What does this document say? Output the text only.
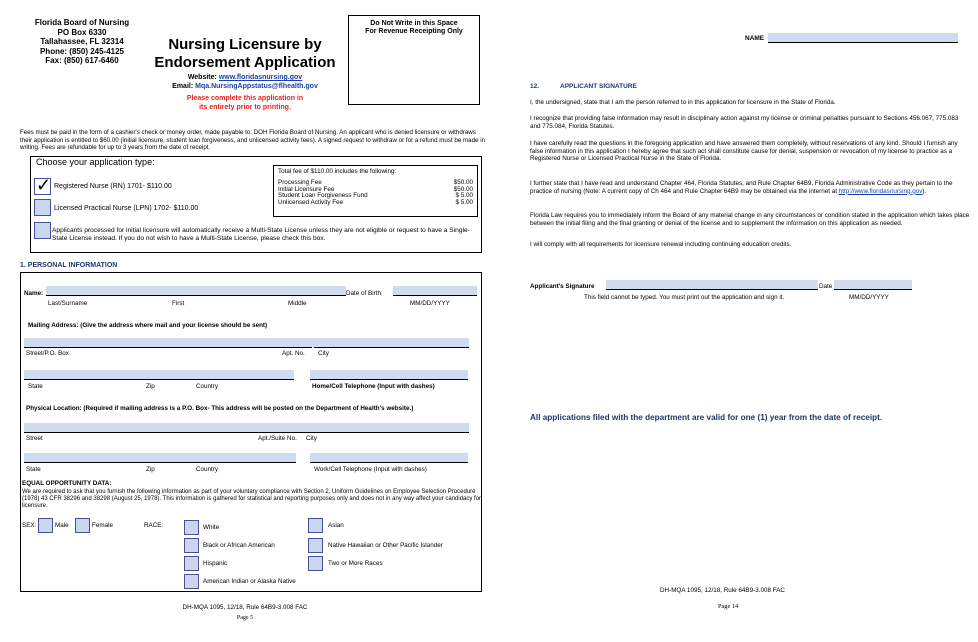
Florida Board of Nursing
PO Box 6330
Tallahassee, FL 32314
Phone: (850) 245-4125
Fax: (850) 617-6460
Nursing Licensure by
Endorsement Application
Website: www.floridasnursing.gov
Email: Mqa.NursingAppstatus@flhealth.gov
Please complete this application in
its entirety prior to printing.
Do Not Write in this Space
For Revenue Receipting Only
Fees must be paid in the form of a cashier's check or money order, made payable to: DOH Florida Board of Nursing. An applicant who is denied licensure or withdraws their application is entitled to $60.00 (initial licensure, student loan forgiveness, and unlicensed activity fees). A signed request to withdraw or for a refund must be made in writing. Fees are refundable for up to 3 years from the date of receipt.
Choose your application type:
✓ Registered Nurse (RN) 1701- $110.00
Licensed Practical Nurse (LPN) 1702- $110.00
Total fee of $110.00 includes the following:
Processing Fee	$50.00
Initial Licensure Fee	$50.00
Student Loan Forgiveness Fund	$ 5.00
Unlicensed Activity Fee	$ 5.00
Applicants processed for initial licensure will automatically receive a Multi-State License unless they are not eligible or request to have a Single-State License instead. If you do not wish to have a Multi-State License, please check this box.
1. PERSONAL INFORMATION
Name:	Date of Birth:
Last/Surname	First	Middle	MM/DD/YYYY
Mailing Address: (Give the address where mail and your license should be sent)
Street/P.O. Box	Apt. No. City
State	Zip	Country	Home/Cell Telephone (Input with dashes)
Physical Location: (Required if mailing address is a P.O. Box- This address will be posted on the Department of Health's website.)
Street	Apt./Suite No. City
State	Zip	Country	Work/Cell Telephone (Input with dashes)
EQUAL OPPORTUNITY DATA:
We are required to ask that you furnish the following information as part of your voluntary compliance with Section 2, Uniform Guidelines on Employee Selection Procedure (1978) 43 CFR 38296 and 38298 (August 25, 1978). This information is gathered for statistical and reporting purposes only and does not in any way affect your candidacy for licensure.
SEX:	Male	Female	RACE:	White
Black or African American
Hispanic
American Indian or Alaska Native
Asian
Native Hawaiian or Other Pacific Islander
Two or More Races
DH-MQA 1095, 12/18, Rule 64B9-3.008 FAC
Page 5
NAME
12.	APPLICANT SIGNATURE
I, the undersigned, state that I am the person referred to in this application for licensure in the State of Florida.
I recognize that providing false information may result in disciplinary action against my license or criminal penalties pursuant to Sections 456.067, 775.083 and 775.084, Florida Statutes.
I have carefully read the questions in the foregoing application and have answered them completely, without reservations of any kind. Should I furnish any false information in this application I hereby agree that such act shall constitute cause for denial, suspension or revocation of my license to practice as a Registered Nurse or Licensed Practical Nurse in the State of Florida.
I further state that I have read and understand Chapter 464, Florida Statutes, and Rule Chapter 64B9, Florida Administrative Code as they pertain to the practice of nursing (Note: A current copy of Ch 464 and Rule Chapter 64B9 may be obtained via the internet at http://www.floridasnursing.gov).
Florida Law requires you to immediately inform the Board of any material change in any circumstances or condition stated in the application which takes place between the initial filing and the final granting or denial of the license and to supplement the information on this application as needed.
I will comply with all requirements for licensure renewal including continuing education credits.
Applicant's Signature	Date
This field cannot be typed. You must print out the application and sign it.	MM/DD/YYYY
All applications filed with the department are valid for one (1) year from the date of receipt.
DH-MQA 1095, 12/18, Rule 64B9-3.008 FAC
Page 14
